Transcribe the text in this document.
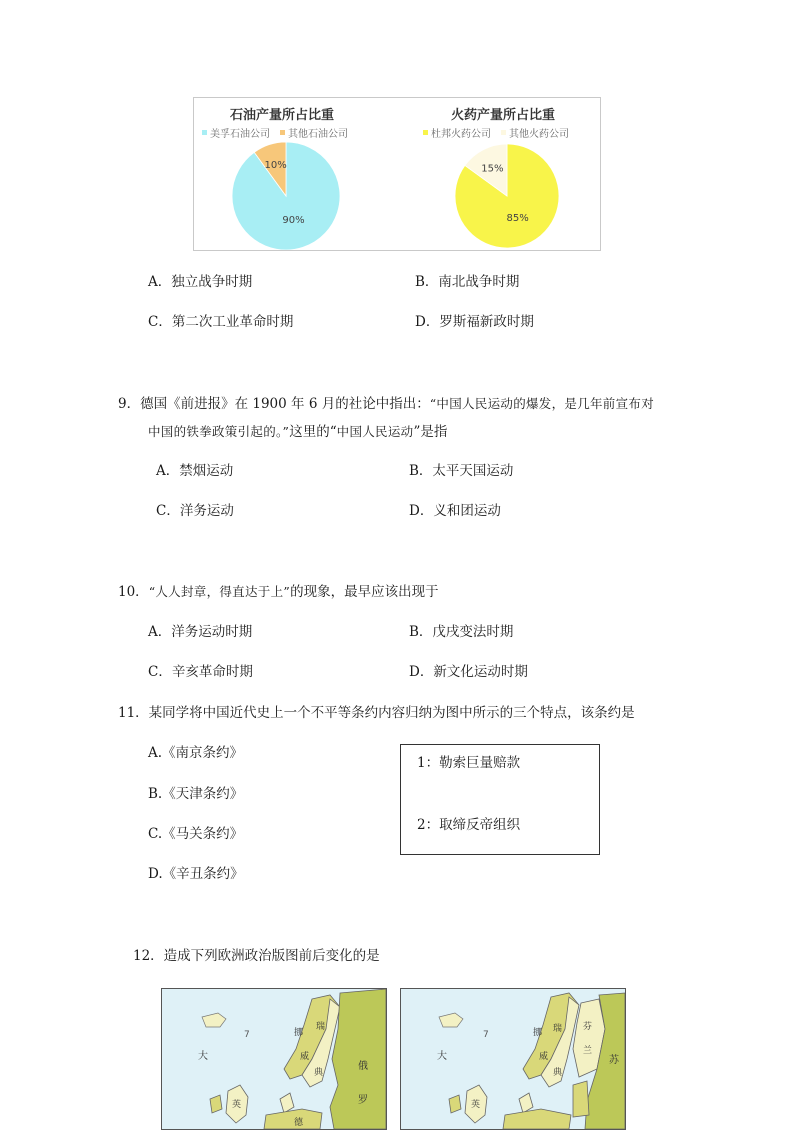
石油产量所占比重
美孚石油公司 其他石油公司
火药产量所占比重
杜邦火药公司 其他火药公司
90%
10%
85%
15%
A．独立战争时期	B．南北战争时期
C．第二次工业革命时期	D．罗斯福新政时期
9．德国《前进报》在 1900 年 6 月的社论中指出：“中国人民运动的爆发，是几年前宣布对
中国的铁拳政策引起的。”这里的“中国人民运动”是指
A．禁烟运动	B．太平天国运动
C．洋务运动	D．义和团运动
10．“人人封章，得直达于上”的现象，最早应该出现于
A．洋务运动时期	B．戊戌变法时期
C．辛亥革命时期	D．新文化运动时期
11．某同学将中国近代史上一个不平等条约内容归纳为图中所示的三个特点，该条约是
A.《南京条约》
B.《天津条约》
C.《马关条约》
D.《辛丑条约》
1：勒索巨量赔款
2：取缔反帝组织
12．造成下列欧洲政治版图前后变化的是
大
7	挪
瑞
威
典
英
德
俄
罗
大
7	挪 瑞
威
典
芬
兰
苏
英
